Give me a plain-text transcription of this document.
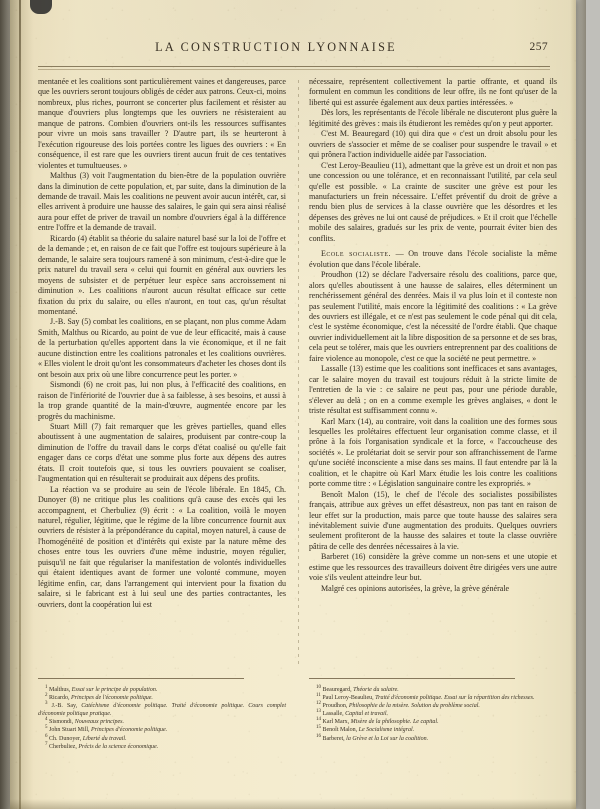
LA CONSTRUCTION LYONNAISE	257

mentanée et les coalitions sont particulièrement vaines et dangereuses, parce que les ouvriers seront toujours obligés de céder aux patrons. Ceux-ci, moins nombreux, plus riches, pourront se concerter plus facilement et résister au manque d'ouvriers plus longtemps que les ouvriers ne résisteraient au manque de patrons. Combien d'ouvriers ont-ils les ressources suffisantes pour vivre un mois sans travailler ? D'autre part, ils se heurteront à l'exécution rigoureuse des lois portées contre les ligues des ouvriers : « En conséquence, il est rare que les ouvriers tirent aucun fruit de ces tentatives violentes et tumultueuses. »

Malthus (3) voit l'augmentation du bien-être de la population ouvrière dans la diminution de cette population, et, par suite, dans la diminution de la demande de travail. Mais les coalitions ne peuvent avoir aucun intérêt, car, si elles arrivent à produire une hausse des salaires, le gain qui sera ainsi réalisé aura pour effet de priver de travail un nombre d'ouvriers égal à la différence entre l'offre et la demande de travail.

Ricardo (4) établit sa théorie du salaire naturel basé sur la loi de l'offre et de la demande ; et, en raison de ce fait que l'offre est toujours supérieure à la demande, le salaire sera toujours ramené à son minimum, c'est-à-dire que le prix naturel du travail sera « celui qui fournit en général aux ouvriers les moyens de subsister et de perpétuer leur espèce sans accroissement ni diminution ». Les coalitions n'auront aucun résultat efficace sur cette fixation du prix du salaire, ou elles n'auront, en tout cas, qu'un résultat momentané.

J.-B. Say (5) combat les coalitions, en se plaçant, non plus comme Adam Smith, Malthus ou Ricardo, au point de vue de leur efficacité, mais à cause de la perturbation qu'elles apportent dans la vie économique, et il ne fait aucune distinction entre les coalitions patronales et les coalitions ouvrières. « Elles violent le droit qu'ont les consommateurs d'acheter les choses dont ils ont besoin aux prix où une libre concurrence peut les porter. »

Sismondi (6) ne croit pas, lui non plus, à l'efficacité des coalitions, en raison de l'infériorité de l'ouvrier due à sa faiblesse, à ses besoins, et aussi à la trop grande quantité de la main-d'œuvre, augmentée encore par les progrès du machinisme.

Stuart Mill (7) fait remarquer que les grèves partielles, quand elles aboutissent à une augmentation de salaires, produisent par contre-coup la diminution de l'offre du travail dans le corps d'état coalisé ou qu'elle fait engager dans ce corps d'état une somme plus forte aux dépens des autres états. Il croit toutefois que, si tous les ouvriers pouvaient se coaliser, l'augmentation qui en résulterait se produirait aux dépens des profits.

La réaction va se produire au sein de l'école libérale. En 1845, Ch. Dunoyer (8) ne critique plus les coalitions qu'à cause des excès qui les accompagnent, et Cherbuliez (9) écrit : « La coalition, voilà le moyen naturel, régulier, légitime, que le régime de la libre concurrence fournit aux ouvriers de résister à la prépondérance du capital, moyen naturel, à cause de l'homogénéité de position et d'intérêts qui existe par la nature même des choses entre tous les ouvriers d'une même industrie, moyen régulier, puisqu'il ne fait que régulariser la manifestation de volontés individuelles qui étaient identiques avant de former une volonté commune, moyen légitime enfin, car, dans l'arrangement qui intervient pour la fixation du salaire, si le fabricant est à lui seul une des parties contractantes, les ouvriers, dont la coopération lui est

nécessaire, représentent collectivement la partie offrante, et quand ils formulent en commun les conditions de leur offre, ils ne font qu'user de la liberté qui est assurée également aux deux parties intéressées. »

Dès lors, les représentants de l'école libérale ne discuteront plus guère la légitimité des grèves : mais ils étudieront les remèdes qu'on y peut apporter.

C'est M. Beauregard (10) qui dira que « c'est un droit absolu pour les ouvriers de s'associer et même de se coaliser pour suspendre le travail » et qui prônera l'action individuelle aidée par l'association.

C'est Leroy-Beaulieu (11), admettant que la grève est un droit et non pas une concession ou une tolérance, et en reconnaissant l'utilité, par cela seul qu'elle est possible. « La crainte de susciter une grève est pour les manufacturiers un frein nécessaire. L'effet préventif du droit de grève a rendu bien plus de services à la classe ouvrière que les désordres et les dépenses des grèves ne lui ont causé de préjudices. » Et il croit que l'échelle mobile des salaires, gradués sur les prix de vente, pourrait éviter bien des conflits.

Ecole socialiste. — On trouve dans l'école socialiste la même évolution que dans l'école libérale.

Proudhon (12) se déclare l'adversaire résolu des coalitions, parce que, alors qu'elles aboutissent à une hausse de salaires, elles déterminent un renchérissement général des denrées. Mais il va plus loin et il conteste non pas seulement l'utilité, mais encore la légitimité des coalitions : « La grève des ouvriers est illégale, et ce n'est pas seulement le code pénal qui dit cela, c'est le système économique, c'est la nécessité de l'ordre établi. Que chaque ouvrier individuellement ait la libre disposition de sa personne et de ses bras, cela peut se tolérer, mais que les ouvriers entreprennent par des coalitions de faire violence au monopole, c'est ce que la société ne peut permettre. »

Lassalle (13) estime que les coalitions sont inefficaces et sans avantages, car le salaire moyen du travail est toujours réduit à la stricte limite de l'entretien de la vie : ce salaire ne peut pas, pour une période durable, s'élever au delà ; on en a comme exemple les grèves anglaises, « dont le triste résultat est suffisamment connu ».

Karl Marx (14), au contraire, voit dans la coalition une des formes sous lesquelles les prolétaires effectuent leur organisation comme classe, et il prône à la fois l'organisation syndicale et la force, « l'accoucheuse des sociétés ». Le prolétariat doit se servir pour son affranchissement de l'arme qu'une société inconsciente a mise dans ses mains. Il faut entendre par là la coalition, et le chapitre où Karl Marx étudie les lois contre les coalitions porte comme titre : « Législation sanguinaire contre les expropriés. »

Benoît Malon (15), le chef de l'école des socialistes possibilistes français, attribue aux grèves un effet désastreux, non pas tant en raison de leur effet sur la production, mais parce que toute hausse des salaires sera inévitablement suivie d'une augmentation des produits. Quelques ouvriers seulement profiteront de la hausse des salaires et toute la classe ouvrière pâtira de celle des denrées nécessaires à la vie.

Barberet (16) considère la grève comme un non-sens et une utopie et estime que les ressources des travailleurs doivent être dirigées vers une autre voie s'ils veulent atteindre leur but.

Malgré ces opinions autorisées, la grève, la grève générale

$^1$ Malthus, Essai sur le principe de population.

$^2$ Ricardo, Principes de l'économie politique.

$^3$ J.-B. Say, Catéchisme d'économie politique. Traité d'économie politique. Cours complet d'économie politique pratique.

$^4$ Sismondi, Nouveaux principes.

$^5$ John Stuart Mill, Principes d'économie politique.

$^6$ Ch. Dunoyer, Liberté du travail.

$^7$ Cherbuliez, Précis de la science économique.

$^{10}$ Beauregard, Théorie du salaire.

$^{11}$ Paul Leroy-Beaulieu, Traité d'économie politique. Essai sur la répartition des richesses.

$^{12}$ Proudhon, Philosophie de la misère. Solution du problème social.

$^{13}$ Lassalle, Capital et travail.

$^{14}$ Karl Marx, Misère de la philosophie. Le capital.

$^{15}$ Benoît Malon, Le Socialisme intégral.

$^{16}$ Barberet, la Grève et la Loi sur la coalition.
